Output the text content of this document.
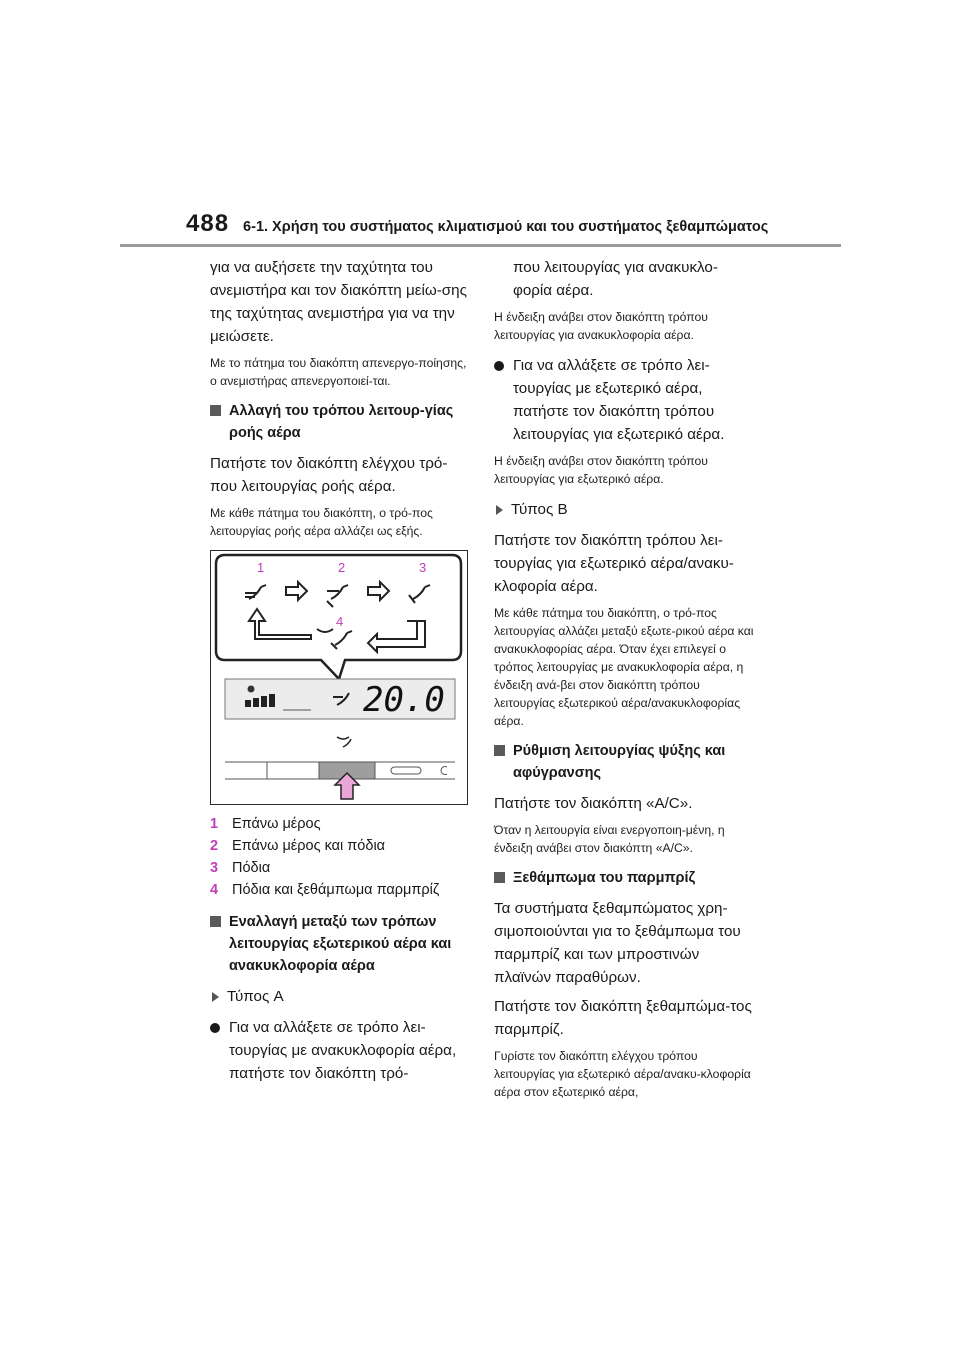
488 6-1. Χρήση του συστήματος κλιματισμού και του συστήματος ξεθαμπώματος

για να αυξήσετε την ταχύτητα του ανεμιστήρα και τον διακόπτη μείω-σης της ταχύτητας ανεμιστήρα για να την μειώσετε.

Με το πάτημα του διακόπτη απενεργο-ποίησης, ο ανεμιστήρας απενεργοποιεί-ται.

Αλλαγή του τρόπου λειτουρ-γίας ροής αέρα

Πατήστε τον διακόπτη ελέγχου τρό-που λειτουργίας ροής αέρα.

Με κάθε πάτημα του διακόπτη, ο τρό-πος λειτουργίας ροής αέρα αλλάζει ως εξής.

1	2	3
4
20.0
1 Επάνω μέρος
2 Επάνω μέρος και πόδια
3 Πόδια
4 Πόδια και ξεθάμπωμα παρμπρίζ
Εναλλαγή μεταξύ των τρόπων λειτουργίας εξωτερικού αέρα και ανακυκλοφορία αέρα
Τύπος A
Για να αλλάξετε σε τρόπο λει-τουργίας με ανακυκλοφορία αέρα, πατήστε τον διακόπτη τρό-

που λειτουργίας για ανακυκλο-φορία αέρα.

Η ένδειξη ανάβει στον διακόπτη τρόπου λειτουργίας για ανακυκλοφορία αέρα.

Για να αλλάξετε σε τρόπο λει-τουργίας με εξωτερικό αέρα, πατήστε τον διακόπτη τρόπου λειτουργίας για εξωτερικό αέρα.

Η ένδειξη ανάβει στον διακόπτη τρόπου λειτουργίας για εξωτερικό αέρα.

Τύπος B

Πατήστε τον διακόπτη τρόπου λει-τουργίας για εξωτερικό αέρα/ανακυ-κλοφορία αέρα.

Με κάθε πάτημα του διακόπτη, ο τρό-πος λειτουργίας αλλάζει μεταξύ εξωτε-ρικού αέρα και ανακυκλοφορίας αέρα. Όταν έχει επιλεγεί ο τρόπος λειτουργίας με ανακυκλοφορία αέρα, η ένδειξη ανά-βει στον διακόπτη τρόπου λειτουργίας εξωτερικού αέρα/ανακυκλοφορίας αέρα.

Ρύθμιση λειτουργίας ψύξης και αφύγρανσης

Πατήστε τον διακόπτη «A/C».

Όταν η λειτουργία είναι ενεργοποιη-μένη, η ένδειξη ανάβει στον διακόπτη «A/C».

Ξεθάμπωμα του παρμπρίζ

Τα συστήματα ξεθαμπώματος χρη-σιμοποιούνται για το ξεθάμπωμα του παρμπρίζ και των μπροστινών πλαϊνών παραθύρων.

Πατήστε τον διακόπτη ξεθαμπώμα-τος παρμπρίζ.

Γυρίστε τον διακόπτη ελέγχου τρόπου λειτουργίας για εξωτερικό αέρα/ανακυ-κλοφορία αέρα στον εξωτερικό αέρα,
